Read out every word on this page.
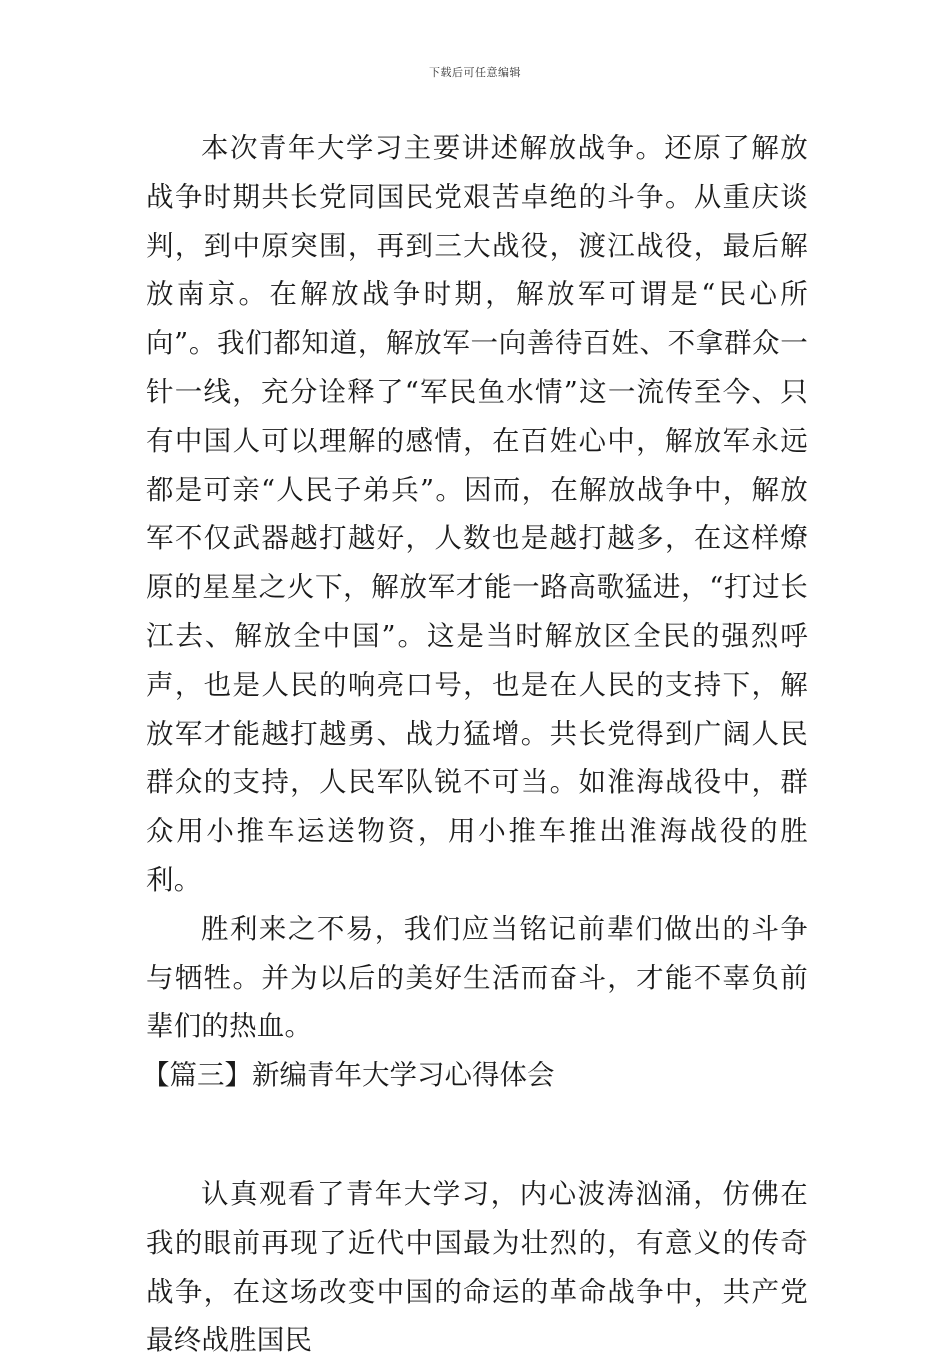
下载后可任意编辑

本次青年大学习主要讲述解放战争。还原了解放战争时期共长党同国民党艰苦卓绝的斗争。从重庆谈判，到中原突围，再到三大战役，渡江战役，最后解放南京。在解放战争时期，解放军可谓是“民心所向”。我们都知道，解放军一向善待百姓、不拿群众一针一线，充分诠释了“军民鱼水情”这一流传至今、只有中国人可以理解的感情，在百姓心中，解放军永远都是可亲“人民子弟兵”。因而，在解放战争中，解放军不仅武器越打越好，人数也是越打越多，在这样燎原的星星之火下，解放军才能一路高歌猛进，“打过长江去、解放全中国”。这是当时解放区全民的强烈呼声，也是人民的响亮口号，也是在人民的支持下，解放军才能越打越勇、战力猛增。共长党得到广阔人民群众的支持，人民军队锐不可当。如淮海战役中，群众用小推车运送物资，用小推车推出淮海战役的胜利。

胜利来之不易，我们应当铭记前辈们做出的斗争与牺牲。并为以后的美好生活而奋斗，才能不辜负前辈们的热血。

【篇三】新编青年大学习心得体会

认真观看了青年大学习，内心波涛汹涌，仿佛在我的眼前再现了近代中国最为壮烈的，有意义的传奇战争，在这场改变中国的命运的革命战争中，共产党最终战胜国民
